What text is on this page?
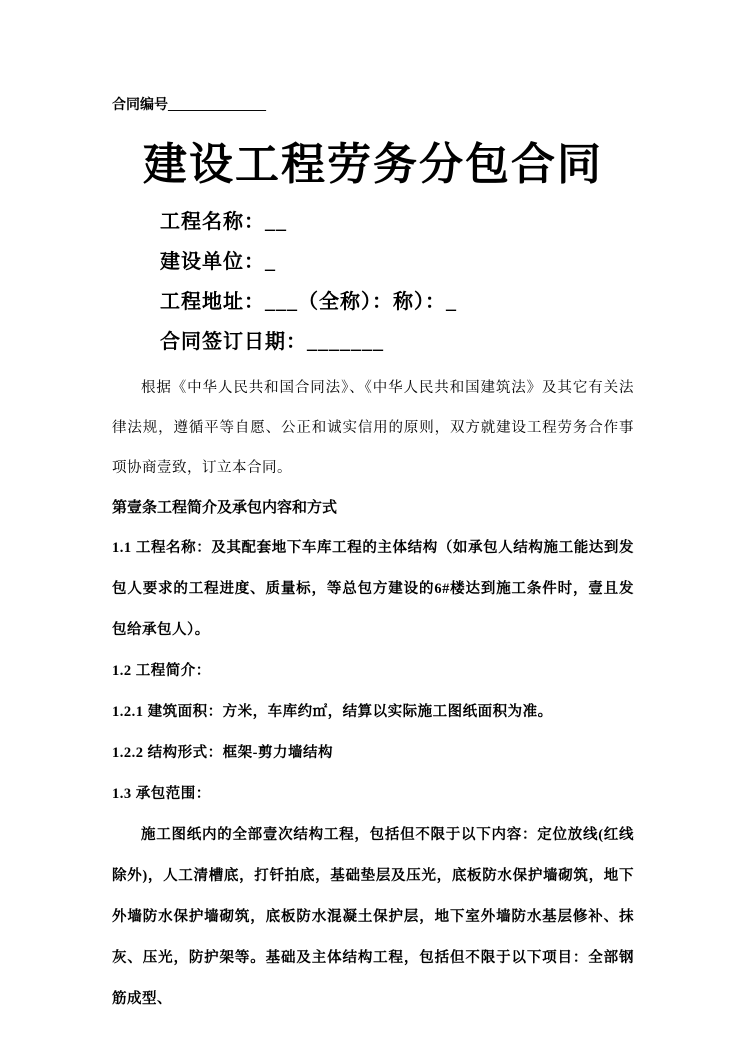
合同编号______________
建设工程劳务分包合同
工程名称：__
建设单位：_
工程地址：___（全称）：称）：_
合同签订日期：_______

根据《中华人民共和国合同法》、《中华人民共和国建筑法》及其它有关法律法规，遵循平等自愿、公正和诚实信用的原则，双方就建设工程劳务合作事项协商壹致，订立本合同。

第壹条工程简介及承包内容和方式

1.1 工程名称：及其配套地下车库工程的主体结构（如承包人结构施工能达到发包人要求的工程进度、质量标，等总包方建设的6#楼达到施工条件时，壹且发包给承包人）。

1.2 工程简介：

1.2.1 建筑面积：方米，车库约㎡，结算以实际施工图纸面积为准。

1.2.2 结构形式：框架-剪力墙结构

1.3 承包范围：

施工图纸内的全部壹次结构工程，包括但不限于以下内容：定位放线(红线除外)，人工清槽底，打钎拍底，基础垫层及压光，底板防水保护墙砌筑，地下外墙防水保护墙砌筑，底板防水混凝土保护层，地下室外墙防水基层修补、抹灰、压光，防护架等。基础及主体结构工程，包括但不限于以下项目：全部钢筋成型、
